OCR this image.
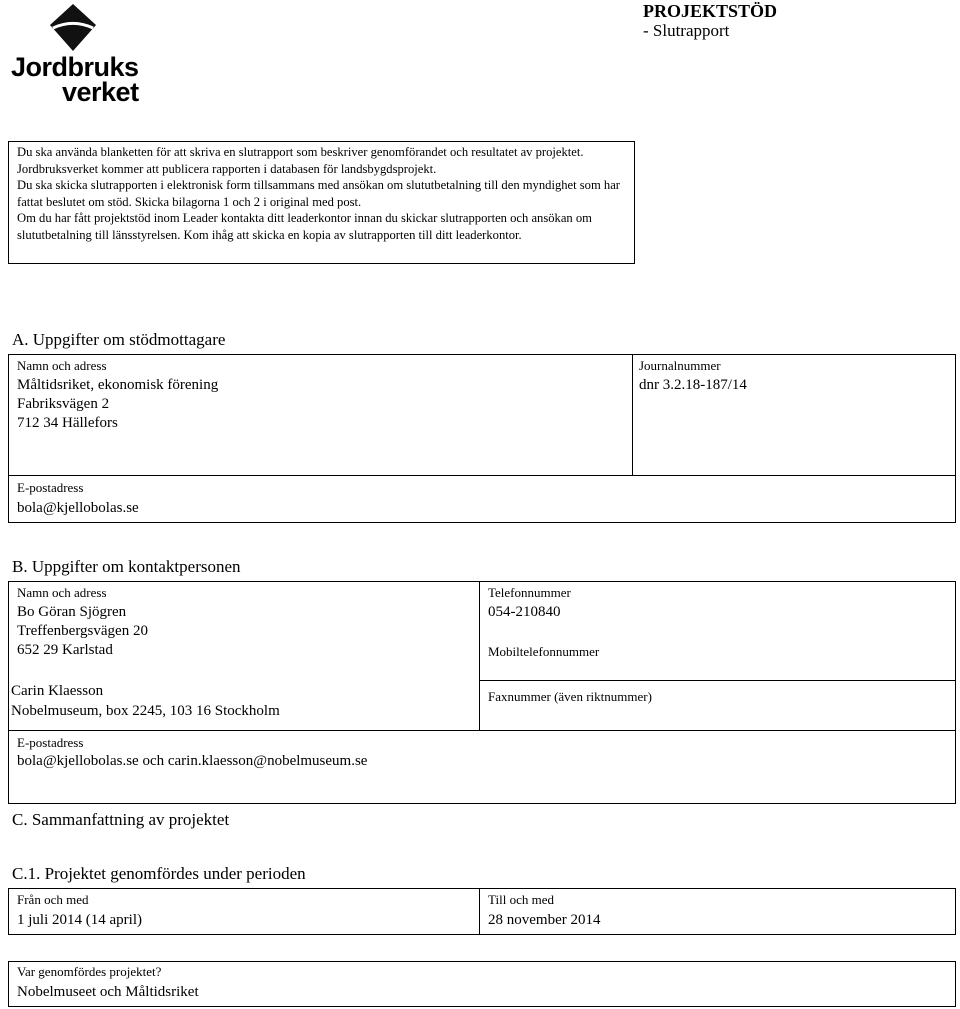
Jordbruks
verket
PROJEKTSTÖD
- Slutrapport

Du ska använda blanketten för att skriva en slutrapport som beskriver genomförandet och resultatet av projektet. Jordbruksverket kommer att publicera rapporten i databasen för landsbygdsprojekt.

Du ska skicka slutrapporten i elektronisk form tillsammans med ansökan om slututbetalning till den myndighet som har fattat beslutet om stöd. Skicka bilagorna 1 och 2 i original med post.

Om du har fått projektstöd inom Leader kontakta ditt leaderkontor innan du skickar slutrapporten och ansökan om slututbetalning till länsstyrelsen. Kom ihåg att skicka en kopia av slutrapporten till ditt leaderkontor.

A. Uppgifter om stödmottagare
Namn och adress
Måltidsriket, ekonomisk förening
Fabriksvägen 2
712 34 Hällefors
Journalnummer
dnr 3.2.18-187/14
E-postadress
bola@kjellobolas.se
B. Uppgifter om kontaktpersonen
Namn och adress
Bo Göran Sjögren
Treffenbergsvägen 20
652 29 Karlstad
Carin Klaesson
Nobelmuseum, box 2245, 103 16 Stockholm
Telefonnummer
054-210840
Mobiltelefonnummer
Faxnummer (även riktnummer)
E-postadress
bola@kjellobolas.se och carin.klaesson@nobelmuseum.se
C. Sammanfattning av projektet
C.1. Projektet genomfördes under perioden
Från och med
1 juli 2014 (14 april)
Till och med
28 november 2014
Var genomfördes projektet?
Nobelmuseet och Måltidsriket
